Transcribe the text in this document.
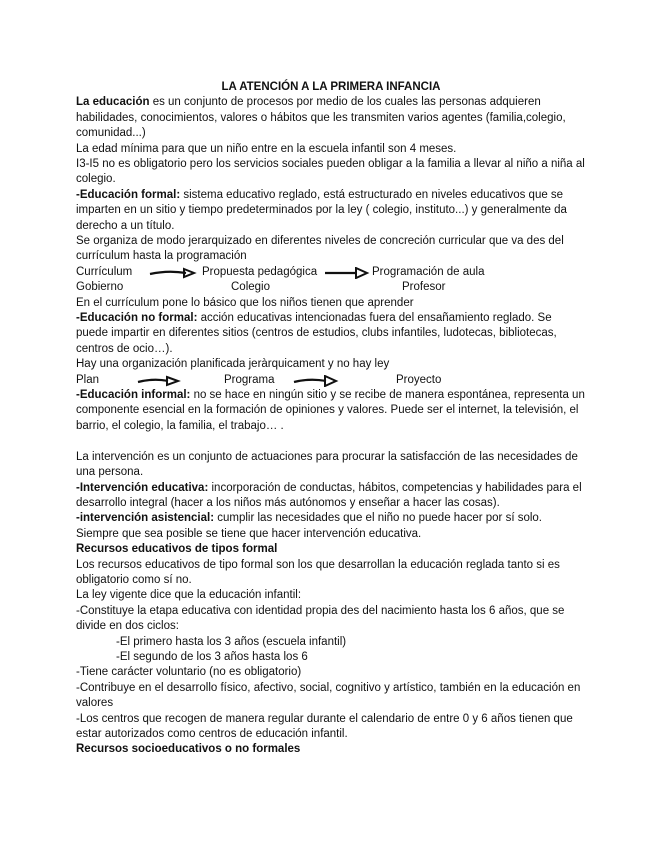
LA ATENCIÓN A LA PRIMERA INFANCIA

La educación es un conjunto de procesos por medio de los cuales las personas adquieren habilidades, conocimientos, valores o hábitos que les transmiten varios agentes (familia,colegio, comunidad...)

La edad mínima para que un niño entre en la escuela infantil son 4 meses.

I3-I5 no es obligatorio pero los servicios sociales pueden obligar a la familia a llevar al niño a niña al colegio.

-Educación formal: sistema educativo reglado, está estructurado en niveles educativos que se imparten en un sitio y tiempo predeterminados por la ley ( colegio, instituto...) y generalmente da derecho a un título.

Se organiza de modo jerarquizado en diferentes niveles de concreción curricular que va des del currículum hasta la programación

Currículum	Propuesta pedagógica	Programación de aula
Gobierno	Colegio	Profesor

En el currículum pone lo básico que los niños tienen que aprender

-Educación no formal: acción educativas intencionadas fuera del ensañamiento reglado. Se puede impartir en diferentes sitios (centros de estudios, clubs infantiles, ludotecas, bibliotecas, centros de ocio…).

Hay una organización planificada jeràrquicament y no hay ley

Plan	Programa	Proyecto

-Educación informal: no se hace en ningún sitio y se recibe de manera espontánea, representa un componente esencial en la formación de opiniones y valores. Puede ser el internet, la televisión, el barrio, el colegio, la familia, el trabajo… .

La intervención es un conjunto de actuaciones para procurar la satisfacción de las necesidades de una persona.

-Intervención educativa: incorporación de conductas, hábitos, competencias y habilidades para el desarrollo integral (hacer a los niños más autónomos y enseñar a hacer las cosas).

-intervención asistencial: cumplir las necesidades que el niño no puede hacer por sí solo.

Siempre que sea posible se tiene que hacer intervención educativa.

Recursos educativos de tipos formal

Los recursos educativos de tipo formal son los que desarrollan la educación reglada tanto si es obligatorio como sí no.

La ley vigente dice que la educación infantil:

-Constituye la etapa educativa con identidad propia des del nacimiento hasta los 6 años, que se divide en dos ciclos:

-El primero hasta los 3 años (escuela infantil)

-El segundo de los 3 años hasta los 6

-Tiene carácter voluntario (no es obligatorio)

-Contribuye en el desarrollo físico, afectivo, social, cognitivo y artístico, también en la educación en valores

-Los centros que recogen de manera regular durante el calendario de entre 0 y 6 años tienen que estar autorizados como centros de educación infantil.

Recursos socioeducativos o no formales
